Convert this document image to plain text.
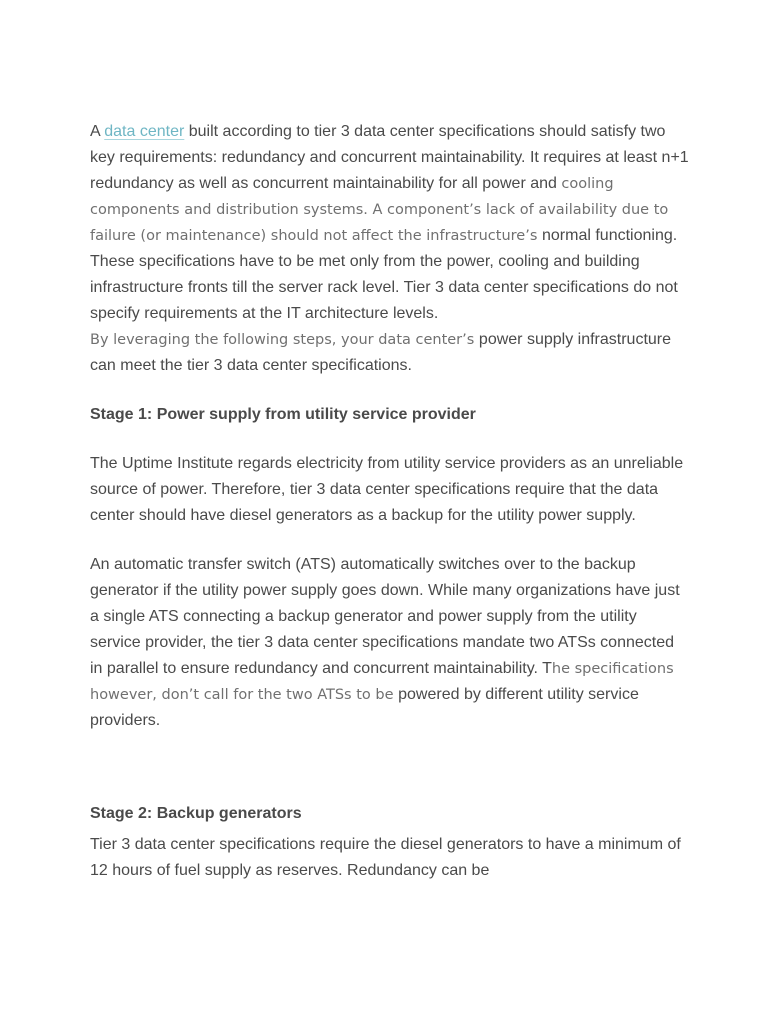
A data center built according to tier 3 data center specifications should satisfy two key requirements: redundancy and concurrent maintainability. It requires at least n+1 redundancy as well as concurrent maintainability for all power and cooling components and distribution systems. A component’s lack of availability due to failure (or maintenance) should not affect the infrastructure’s normal functioning. These specifications have to be met only from the power, cooling and building infrastructure fronts till the server rack level. Tier 3 data center specifications do not specify requirements at the IT architecture levels.
By leveraging the following steps, your data center’s power supply infrastructure can meet the tier 3 data center specifications.

Stage 1: Power supply from utility service provider

The Uptime Institute regards electricity from utility service providers as an unreliable source of power. Therefore, tier 3 data center specifications require that the data center should have diesel generators as a backup for the utility power supply.

An automatic transfer switch (ATS) automatically switches over to the backup generator if the utility power supply goes down. While many organizations have just a single ATS connecting a backup generator and power supply from the utility service provider, the tier 3 data center specifications mandate two ATSs connected in parallel to ensure redundancy and concurrent maintainability. The specifications however, don’t call for the two ATSs to be powered by different utility service providers.

Stage 2: Backup generators

Tier 3 data center specifications require the diesel generators to have a minimum of 12 hours of fuel supply as reserves. Redundancy can be
